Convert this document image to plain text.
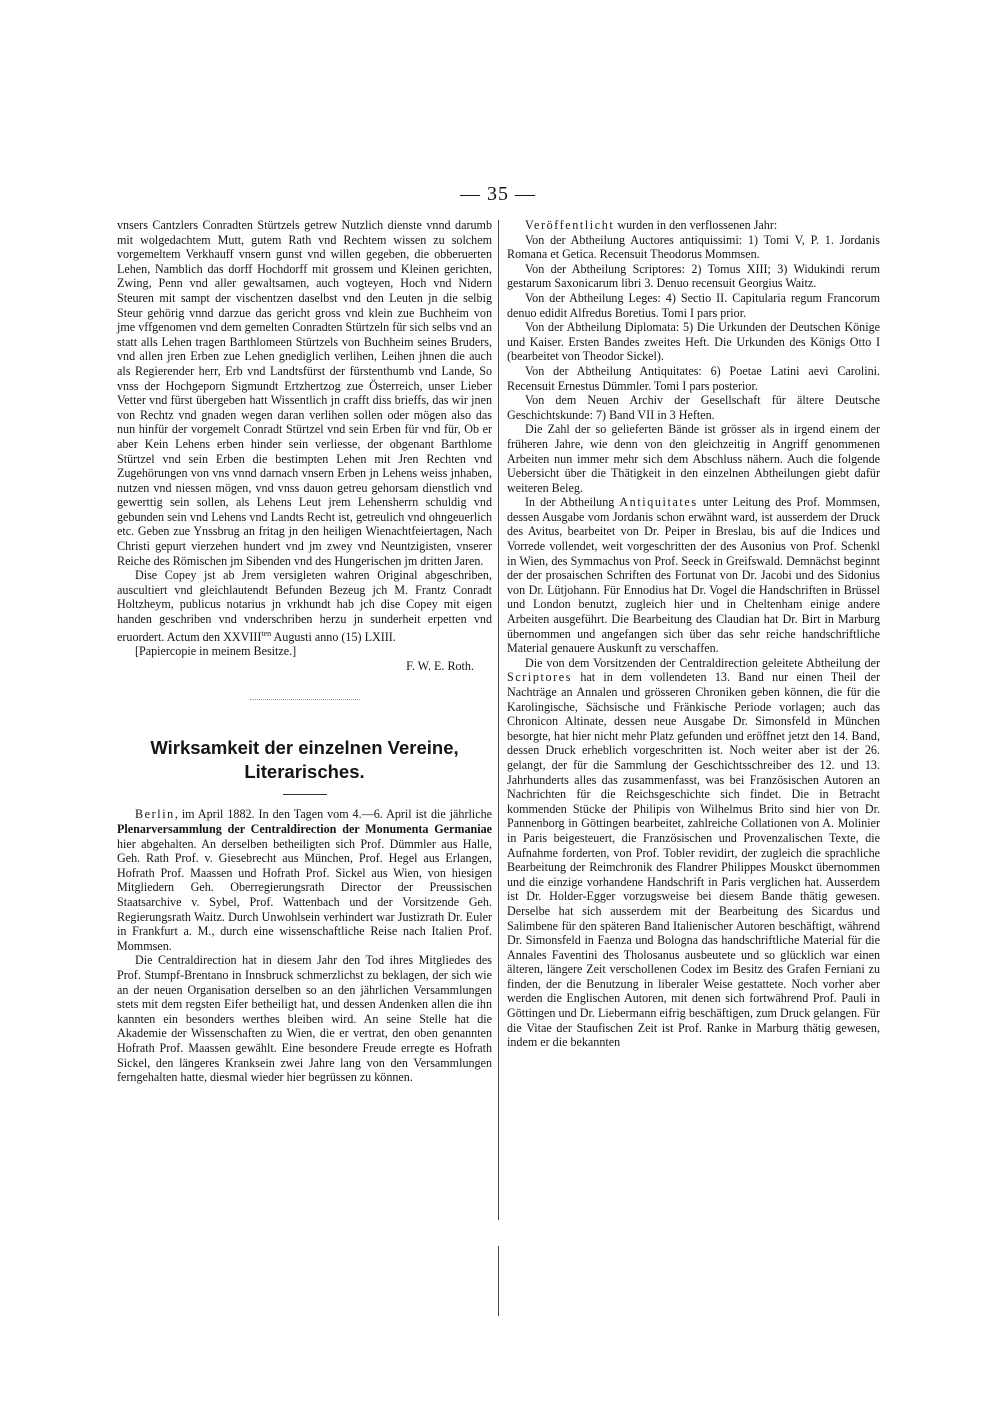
— 35 —

vnsers Cantzlers Conradten Stürtzels getrew Nutzlich dienste vnnd darumb mit wolgedachtem Mutt, gutem Rath vnd Rechtem wissen zu solchem vorgemeltem Verkhauff vnsern gunst vnd willen gegeben, die obberuerten Lehen, Namblich das dorff Hochdorff mit grossem und Kleinen gerichten, Zwing, Penn vnd aller gewaltsamen, auch vogteyen, Hoch vnd Nidern Steuren mit sampt der vischentzen daselbst vnd den Leuten jn die selbig Steur gehörig vnnd darzue das gericht gross vnd klein zue Buchheim von jme vffgenomen vnd dem gemelten Conradten Stürtzeln für sich selbs vnd an statt alls Lehen tragen Barthlomeen Stürtzels von Buchheim seines Bruders, vnd allen jren Erben zue Lehen gnediglich verlihen, Leihen jhnen die auch als Regierender herr, Erb vnd Landtsfürst der fürstenthumb vnd Lande, So vnss der Hochgeporn Sigmundt Ertzhertzog zue Österreich, unser Lieber Vetter vnd fürst übergeben hatt Wissentlich jn crafft diss brieffs, das wir jnen von Rechtz vnd gnaden wegen daran verlihen sollen oder mögen also das nun hinfür der vorgemelt Conradt Stürtzel vnd sein Erben für vnd für, Ob er aber Kein Lehens erben hinder sein verliesse, der obgenant Barthlome Stürtzel vnd sein Erben die bestimpten Lehen mit Jren Rechten vnd Zugehörungen von vns vnnd darnach vnsern Erben jn Lehens weiss jnhaben, nutzen vnd niessen mögen, vnd vnss dauon getreu gehorsam dienstlich vnd gewerttig sein sollen, als Lehens Leut jrem Lehensherrn schuldig vnd gebunden sein vnd Lehens vnd Landts Recht ist, getreulich vnd ohngeuerlich etc. Geben zue Ynssbrug an fritag jn den heiligen Wienachtfeiertagen, Nach Christi gepurt vierzehen hundert vnd jm zwey vnd Neuntzigisten, vnserer Reiche des Römischen jm Sibenden vnd des Hungerischen jm dritten Jaren.

Dise Copey jst ab Jrem versigleten wahren Original abgeschriben, auscultiert vnd gleichlautendt Befunden Bezeug jch M. Frantz Conradt Holtzheym, publicus notarius jn vrkhundt hab jch dise Copey mit eigen handen geschriben vnd vnderschriben herzu jn sunderheit erpetten vnd eruordert. Actum den $XXVIII^{ten}$ Augusti anno (15) LXIII.

[Papiercopie in meinem Besitze.]

F. W. E. Roth.

Wirksamkeit der einzelnen Vereine,
Literarisches.

Berlin, im April 1882. In den Tagen vom 4.—6. April ist die jährliche Plenarversammlung der Centraldirection der Monumenta Germaniae hier abgehalten. An derselben betheiligten sich Prof. Dümmler aus Halle, Geh. Rath Prof. v. Giesebrecht aus München, Prof. Hegel aus Erlangen, Hofrath Prof. Maassen und Hofrath Prof. Sickel aus Wien, von hiesigen Mitgliedern Geh. Oberregierungsrath Director der Preussischen Staatsarchive v. Sybel, Prof. Wattenbach und der Vorsitzende Geh. Regierungsrath Waitz. Durch Unwohlsein verhindert war Justizrath Dr. Euler in Frankfurt a. M., durch eine wissenschaftliche Reise nach Italien Prof. Mommsen.

Die Centraldirection hat in diesem Jahr den Tod ihres Mitgliedes des Prof. Stumpf-Brentano in Innsbruck schmerzlichst zu beklagen, der sich wie an der neuen Organisation derselben so an den jährlichen Versammlungen stets mit dem regsten Eifer betheiligt hat, und dessen Andenken allen die ihn kannten ein besonders werthes bleiben wird. An seine Stelle hat die Akademie der Wissenschaften zu Wien, die er vertrat, den oben genannten Hofrath Prof. Maassen gewählt. Eine besondere Freude erregte es Hofrath Sickel, den längeres Kranksein zwei Jahre lang von den Versammlungen ferngehalten hatte, diesmal wieder hier begrüssen zu können.

Veröffentlicht wurden in den verflossenen Jahr:

Von der Abtheilung Auctores antiquissimi: 1) Tomi V, P. 1. Jordanis Romana et Getica. Recensuit Theodorus Mommsen.

Von der Abtheilung Scriptores: 2) Tomus XIII; 3) Widukindi rerum gestarum Saxonicarum libri 3. Denuo recensuit Georgius Waitz.

Von der Abtheilung Leges: 4) Sectio II. Capitularia regum Francorum denuo edidit Alfredus Boretius. Tomi I pars prior.

Von der Abtheilung Diplomata: 5) Die Urkunden der Deutschen Könige und Kaiser. Ersten Bandes zweites Heft. Die Urkunden des Königs Otto I (bearbeitet von Theodor Sickel).

Von der Abtheilung Antiquitates: 6) Poetae Latini aevi Carolini. Recensuit Ernestus Dümmler. Tomi I pars posterior.

Von dem Neuen Archiv der Gesellschaft für ältere Deutsche Geschichtskunde: 7) Band VII in 3 Heften.

Die Zahl der so gelieferten Bände ist grösser als in irgend einem der früheren Jahre, wie denn von den gleichzeitig in Angriff genommenen Arbeiten nun immer mehr sich dem Abschluss nähern. Auch die folgende Uebersicht über die Thätigkeit in den einzelnen Abtheilungen giebt dafür weiteren Beleg.

In der Abtheilung Antiquitates unter Leitung des Prof. Mommsen, dessen Ausgabe vom Jordanis schon erwähnt ward, ist ausserdem der Druck des Avitus, bearbeitet von Dr. Peiper in Breslau, bis auf die Indices und Vorrede vollendet, weit vorgeschritten der des Ausonius von Prof. Schenkl in Wien, des Symmachus von Prof. Seeck in Greifswald. Demnächst beginnt der der prosaischen Schriften des Fortunat von Dr. Jacobi und des Sidonius von Dr. Lütjohann. Für Ennodius hat Dr. Vogel die Handschriften in Brüssel und London benutzt, zugleich hier und in Cheltenham einige andere Arbeiten ausgeführt. Die Bearbeitung des Claudian hat Dr. Birt in Marburg übernommen und angefangen sich über das sehr reiche handschriftliche Material genauere Auskunft zu verschaffen.

Die von dem Vorsitzenden der Centraldirection geleitete Abtheilung der Scriptores hat in dem vollendeten 13. Band nur einen Theil der Nachträge an Annalen und grösseren Chroniken geben können, die für die Karolingische, Sächsische und Fränkische Periode vorlagen; auch das Chronicon Altinate, dessen neue Ausgabe Dr. Simonsfeld in München besorgte, hat hier nicht mehr Platz gefunden und eröffnet jetzt den 14. Band, dessen Druck erheblich vorgeschritten ist. Noch weiter aber ist der 26. gelangt, der für die Sammlung der Geschichtsschreiber des 12. und 13. Jahrhunderts alles das zusammenfasst, was bei Französischen Autoren an Nachrichten für die Reichsgeschichte sich findet. Die in Betracht kommenden Stücke der Philipis von Wilhelmus Brito sind hier von Dr. Pannenborg in Göttingen bearbeitet, zahlreiche Collationen von A. Molinier in Paris beigesteuert, die Französischen und Provenzalischen Texte, die Aufnahme forderten, von Prof. Tobler revidirt, der zugleich die sprachliche Bearbeitung der Reimchronik des Flandrer Philippes Mouskct übernommen und die einzige vorhandene Handschrift in Paris verglichen hat. Ausserdem ist Dr. Holder-Egger vorzugsweise bei diesem Bande thätig gewesen. Derselbe hat sich ausserdem mit der Bearbeitung des Sicardus und Salimbene für den späteren Band Italienischer Autoren beschäftigt, während Dr. Simonsfeld in Faenza und Bologna das handschriftliche Material für die Annales Faventini des Tholosanus ausbeutete und so glücklich war einen älteren, längere Zeit verschollenen Codex im Besitz des Grafen Ferniani zu finden, der die Benutzung in liberaler Weise gestattete. Noch vorher aber werden die Englischen Autoren, mit denen sich fortwährend Prof. Pauli in Göttingen und Dr. Liebermann eifrig beschäftigen, zum Druck gelangen. Für die Vitae der Staufischen Zeit ist Prof. Ranke in Marburg thätig gewesen, indem er die bekannten
